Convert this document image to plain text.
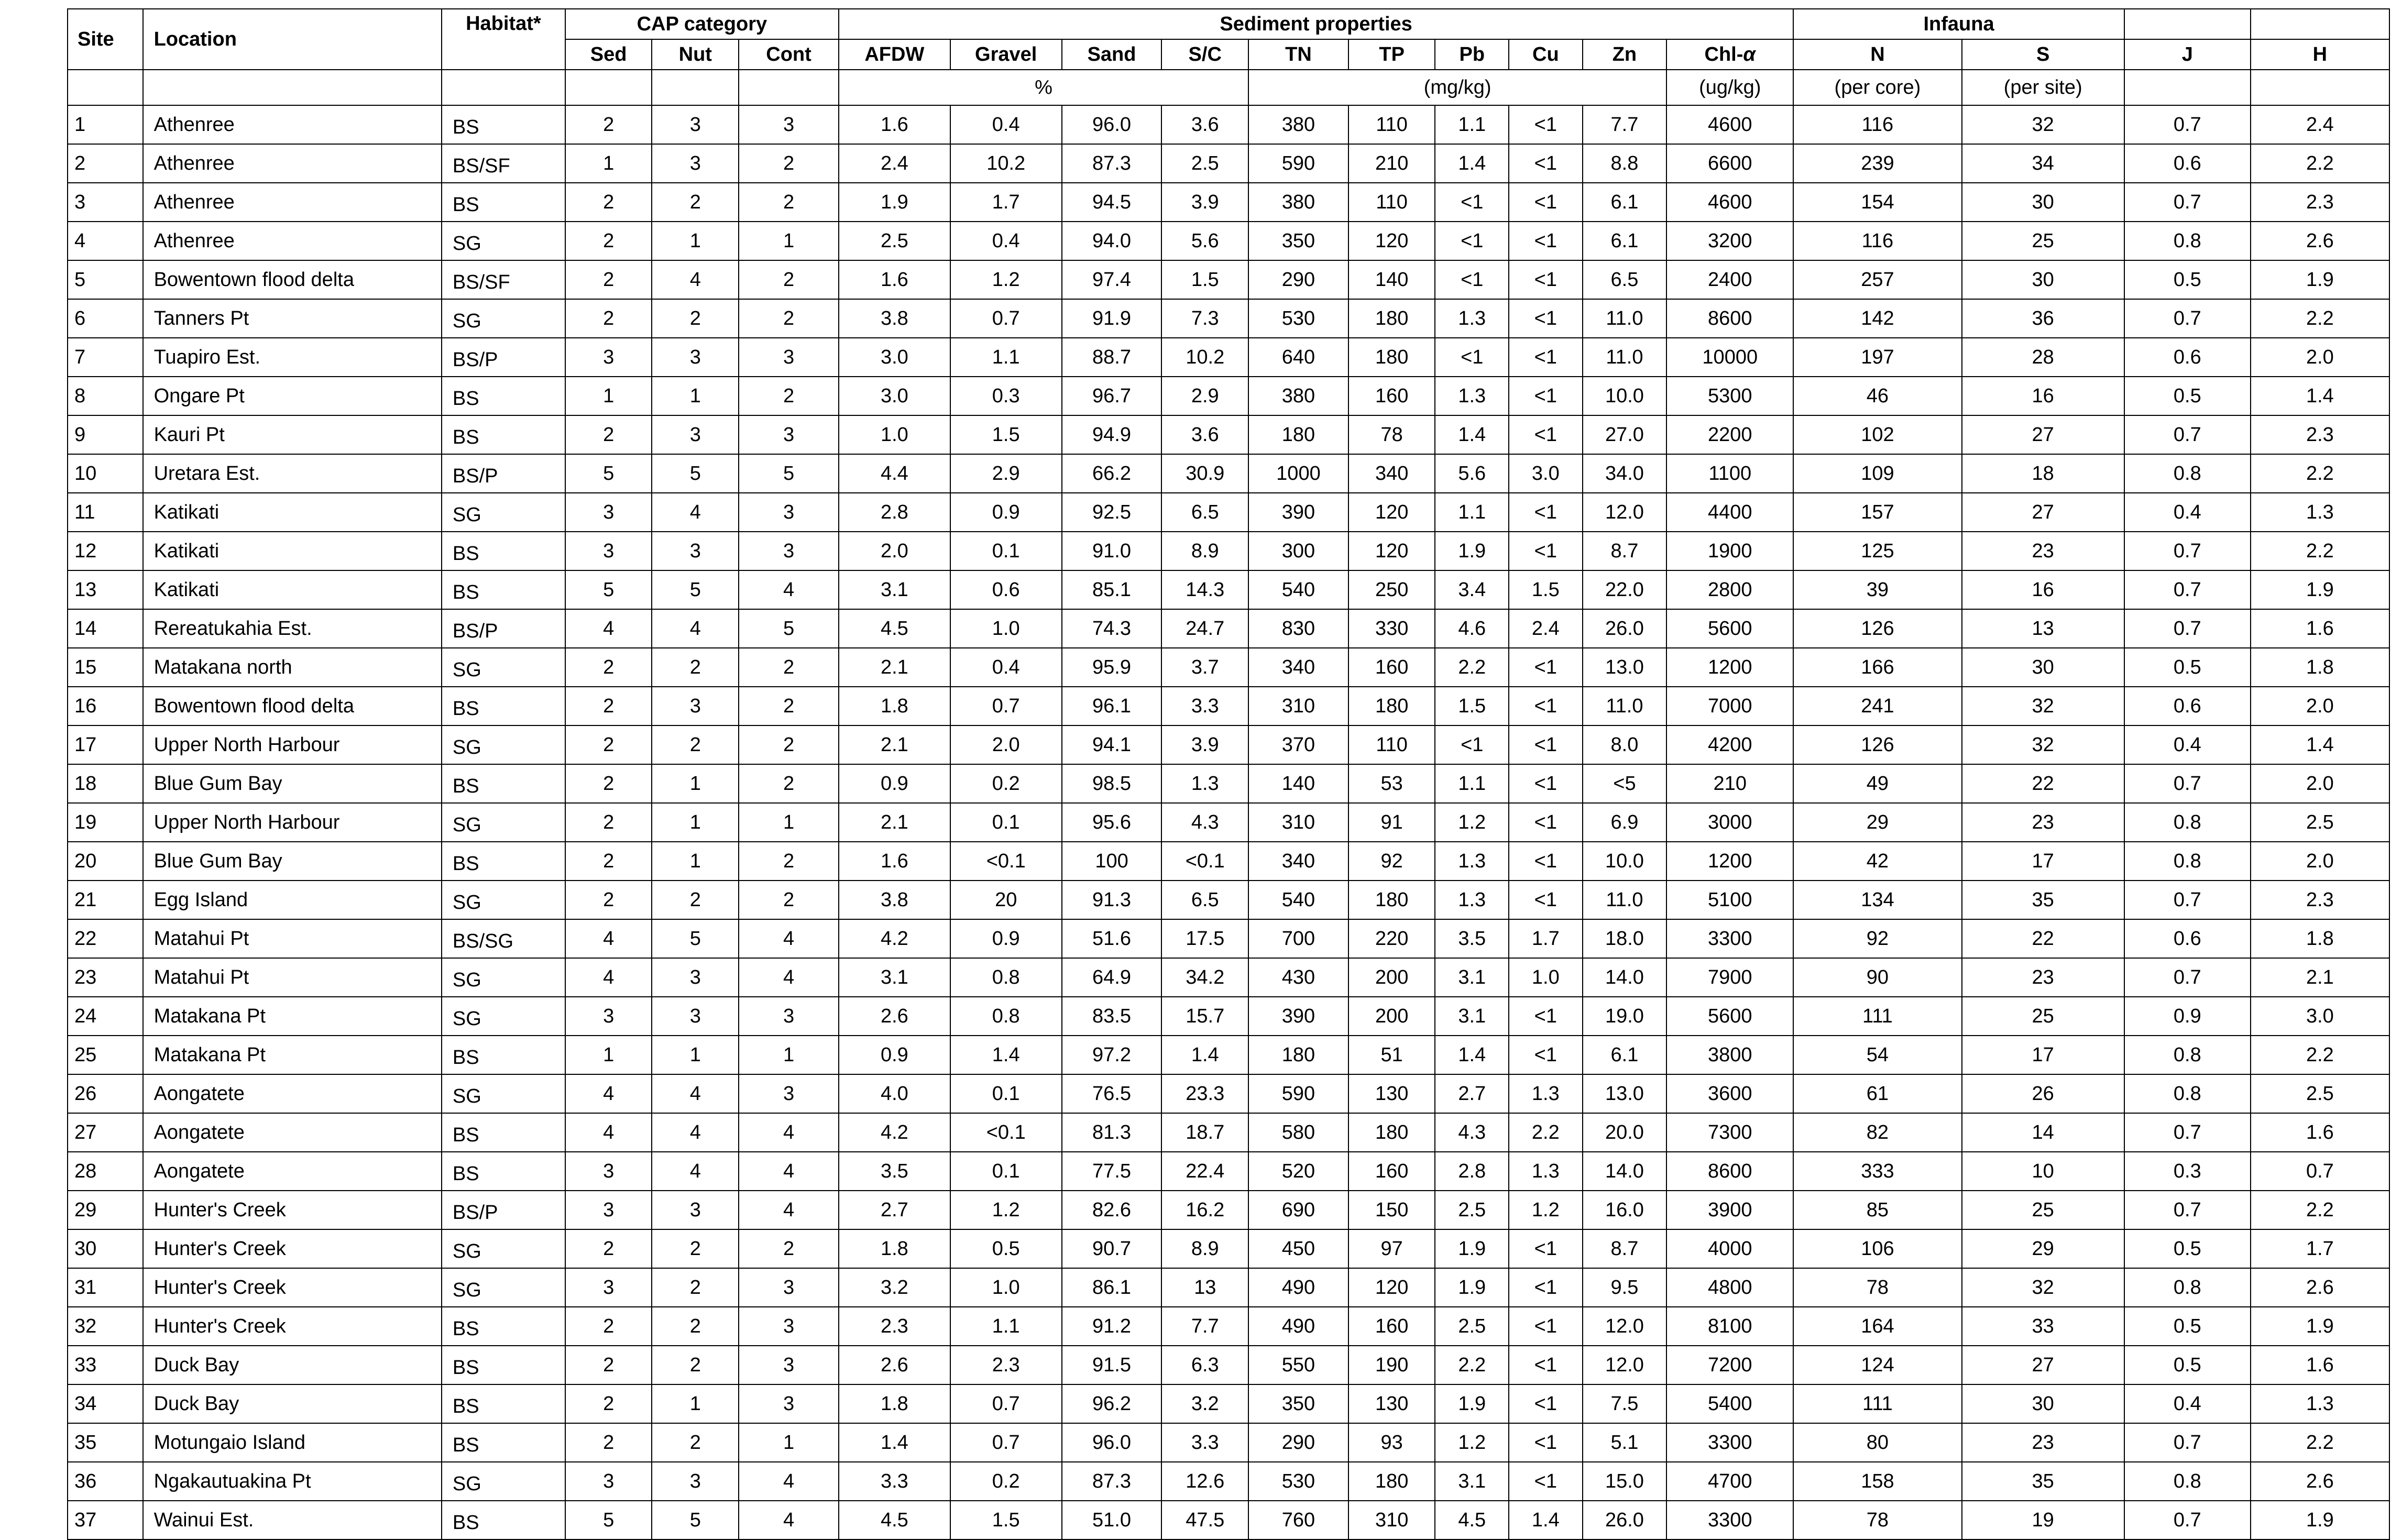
Site	Location	Habitat*	CAP category			Sediment properties										Infauna			
			Sed	Nut	Cont	AFDW	Gravel	Sand	S/C	TN	TP	Pb	Cu	Zn	Chl-α	N	S	J	H
						%				(mg/kg)					(ug/kg)	(per core)	(per site)		
1	Athenree	BS	2	3	3	1.6	0.4	96.0	3.6	380	110	1.1	<1	7.7	4600	116	32	0.7	2.4
2	Athenree	BS/SF	1	3	2	2.4	10.2	87.3	2.5	590	210	1.4	<1	8.8	6600	239	34	0.6	2.2
3	Athenree	BS	2	2	2	1.9	1.7	94.5	3.9	380	110	<1	<1	6.1	4600	154	30	0.7	2.3
4	Athenree	SG	2	1	1	2.5	0.4	94.0	5.6	350	120	<1	<1	6.1	3200	116	25	0.8	2.6
5	Bowentown flood delta	BS/SF	2	4	2	1.6	1.2	97.4	1.5	290	140	<1	<1	6.5	2400	257	30	0.5	1.9
6	Tanners Pt	SG	2	2	2	3.8	0.7	91.9	7.3	530	180	1.3	<1	11.0	8600	142	36	0.7	2.2
7	Tuapiro Est.	BS/P	3	3	3	3.0	1.1	88.7	10.2	640	180	<1	<1	11.0	10000	197	28	0.6	2.0
8	Ongare Pt	BS	1	1	2	3.0	0.3	96.7	2.9	380	160	1.3	<1	10.0	5300	46	16	0.5	1.4
9	Kauri Pt	BS	2	3	3	1.0	1.5	94.9	3.6	180	78	1.4	<1	27.0	2200	102	27	0.7	2.3
10	Uretara Est.	BS/P	5	5	5	4.4	2.9	66.2	30.9	1000	340	5.6	3.0	34.0	1100	109	18	0.8	2.2
11	Katikati	SG	3	4	3	2.8	0.9	92.5	6.5	390	120	1.1	<1	12.0	4400	157	27	0.4	1.3
12	Katikati	BS	3	3	3	2.0	0.1	91.0	8.9	300	120	1.9	<1	8.7	1900	125	23	0.7	2.2
13	Katikati	BS	5	5	4	3.1	0.6	85.1	14.3	540	250	3.4	1.5	22.0	2800	39	16	0.7	1.9
14	Rereatukahia Est.	BS/P	4	4	5	4.5	1.0	74.3	24.7	830	330	4.6	2.4	26.0	5600	126	13	0.7	1.6
15	Matakana north	SG	2	2	2	2.1	0.4	95.9	3.7	340	160	2.2	<1	13.0	1200	166	30	0.5	1.8
16	Bowentown flood delta	BS	2	3	2	1.8	0.7	96.1	3.3	310	180	1.5	<1	11.0	7000	241	32	0.6	2.0
17	Upper North Harbour	SG	2	2	2	2.1	2.0	94.1	3.9	370	110	<1	<1	8.0	4200	126	32	0.4	1.4
18	Blue Gum Bay	BS	2	1	2	0.9	0.2	98.5	1.3	140	53	1.1	<1	<5	210	49	22	0.7	2.0
19	Upper North Harbour	SG	2	1	1	2.1	0.1	95.6	4.3	310	91	1.2	<1	6.9	3000	29	23	0.8	2.5
20	Blue Gum Bay	BS	2	1	2	1.6	<0.1	100	<0.1	340	92	1.3	<1	10.0	1200	42	17	0.8	2.0
21	Egg Island	SG	2	2	2	3.8	20	91.3	6.5	540	180	1.3	<1	11.0	5100	134	35	0.7	2.3
22	Matahui Pt	BS/SG	4	5	4	4.2	0.9	51.6	17.5	700	220	3.5	1.7	18.0	3300	92	22	0.6	1.8
23	Matahui Pt	SG	4	3	4	3.1	0.8	64.9	34.2	430	200	3.1	1.0	14.0	7900	90	23	0.7	2.1
24	Matakana Pt	SG	3	3	3	2.6	0.8	83.5	15.7	390	200	3.1	<1	19.0	5600	111	25	0.9	3.0
25	Matakana Pt	BS	1	1	1	0.9	1.4	97.2	1.4	180	51	1.4	<1	6.1	3800	54	17	0.8	2.2
26	Aongatete	SG	4	4	3	4.0	0.1	76.5	23.3	590	130	2.7	1.3	13.0	3600	61	26	0.8	2.5
27	Aongatete	BS	4	4	4	4.2	<0.1	81.3	18.7	580	180	4.3	2.2	20.0	7300	82	14	0.7	1.6
28	Aongatete	BS	3	4	4	3.5	0.1	77.5	22.4	520	160	2.8	1.3	14.0	8600	333	10	0.3	0.7
29	Hunter's Creek	BS/P	3	3	4	2.7	1.2	82.6	16.2	690	150	2.5	1.2	16.0	3900	85	25	0.7	2.2
30	Hunter's Creek	SG	2	2	2	1.8	0.5	90.7	8.9	450	97	1.9	<1	8.7	4000	106	29	0.5	1.7
31	Hunter's Creek	SG	3	2	3	3.2	1.0	86.1	13	490	120	1.9	<1	9.5	4800	78	32	0.8	2.6
32	Hunter's Creek	BS	2	2	3	2.3	1.1	91.2	7.7	490	160	2.5	<1	12.0	8100	164	33	0.5	1.9
33	Duck Bay	BS	2	2	3	2.6	2.3	91.5	6.3	550	190	2.2	<1	12.0	7200	124	27	0.5	1.6
34	Duck Bay	BS	2	1	3	1.8	0.7	96.2	3.2	350	130	1.9	<1	7.5	5400	111	30	0.4	1.3
35	Motungaio Island	BS	2	2	1	1.4	0.7	96.0	3.3	290	93	1.2	<1	5.1	3300	80	23	0.7	2.2
36	Ngakautuakina Pt	SG	3	3	4	3.3	0.2	87.3	12.6	530	180	3.1	<1	15.0	4700	158	35	0.8	2.6
37	Wainui Est.	BS	5	5	4	4.5	1.5	51.0	47.5	760	310	4.5	1.4	26.0	3300	78	19	0.7	1.9
